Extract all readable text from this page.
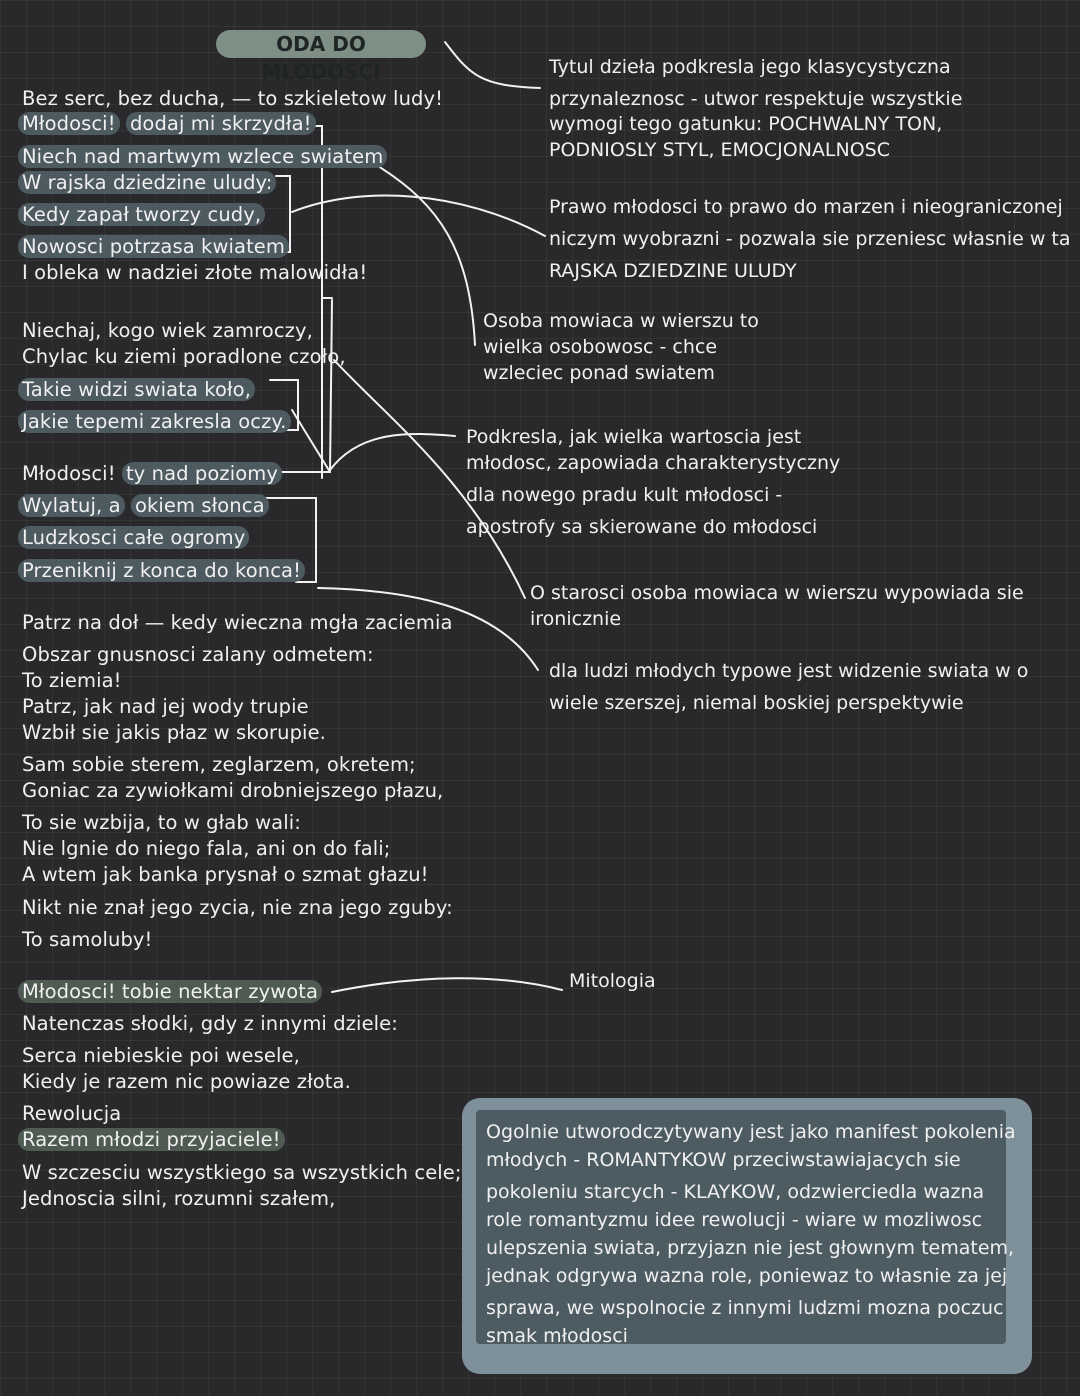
ODA DO MLODOSCI
Bez serc, bez ducha, — to szkieletow ludy!
Młodosci! dodaj mi skrzydła!
Niech nad martwym wzlece swiatem
W rajska dziedzine uludy:
Kedy zapał tworzy cudy,
Nowosci potrzasa kwiatem
I obleka w nadziei złote malowidła!
Niechaj, kogo wiek zamroczy,
Chylac ku ziemi poradlone czoło,
Takie widzi swiata koło,
Jakie tepemi zakresla oczy.
Młodosci! ty nad poziomy
Wylatuj, a okiem słonca
Ludzkosci całe ogromy
Przeniknij z konca do konca!
Patrz na doł — kedy wieczna mgła zaciemia
Obszar gnusnosci zalany odmetem:
To ziemia!
Patrz, jak nad jej wody trupie
Wzbił sie jakis płaz w skorupie.
Sam sobie sterem, zeglarzem, okretem;
Goniac za zywiołkami drobniejszego płazu,
To sie wzbija, to w głab wali:
Nie lgnie do niego fala, ani on do fali;
A wtem jak banka prysnał o szmat głazu!
Nikt nie znał jego zycia, nie zna jego zguby:
To samoluby!
Młodosci! tobie nektar zywota
Natenczas słodki, gdy z innymi dziele:
Serca niebieskie poi wesele,
Kiedy je razem nic powiaze złota.
Rewolucja
Razem młodzi przyjaciele!
W szczesciu wszystkiego sa wszystkich cele;
Jednoscia silni, rozumni szałem,
Tytul dzieła podkresla jego klasycystyczna
przynaleznosc - utwor respektuje wszystkie
wymogi tego gatunku: POCHWALNY TON,
PODNIOSLY STYL, EMOCJONALNOSC
Prawo młodosci to prawo do marzen i nieograniczonej
niczym wyobrazni - pozwala sie przeniesc własnie w ta
RAJSKA DZIEDZINE ULUDY
Osoba mowiaca w wierszu to
wielka osobowosc - chce
wzleciec ponad swiatem
Podkresla, jak wielka wartoscia jest
młodosc, zapowiada charakterystyczny
dla nowego pradu kult młodosci -
apostrofy sa skierowane do młodosci
O starosci osoba mowiaca w wierszu wypowiada sie
ironicznie
dla ludzi młodych typowe jest widzenie swiata w o
wiele szerszej, niemal boskiej perspektywie
Mitologia
Ogolnie utworodczytywany jest jako manifest pokolenia
młodych - ROMANTYKOW przeciwstawiajacych sie
pokoleniu starcych - KLAYKOW, odzwierciedla wazna
role romantyzmu idee rewolucji - wiare w mozliwosc
ulepszenia swiata, przyjazn nie jest głownym tematem,
jednak odgrywa wazna role, poniewaz to własnie za jej
sprawa, we wspolnocie z innymi ludzmi mozna poczuc
smak młodosci
